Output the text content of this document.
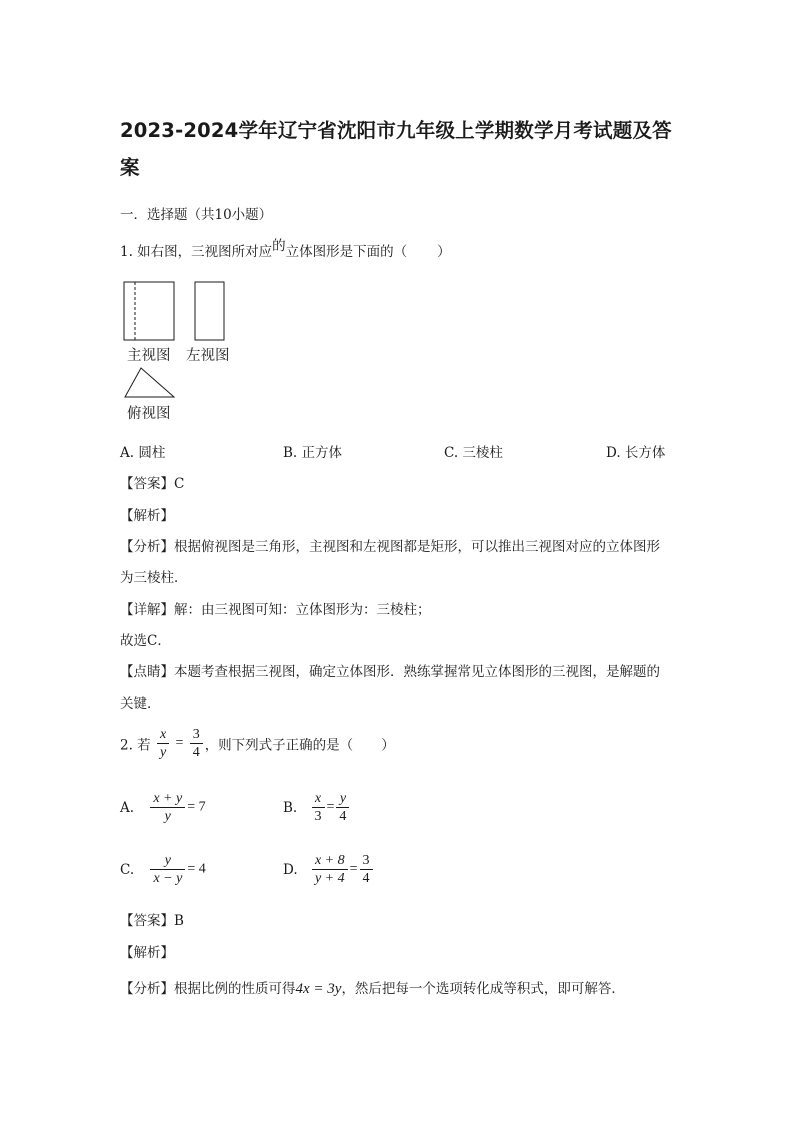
2023-2024学年辽宁省沈阳市九年级上学期数学月考试题及答案
一．选择题（共10小题）
1. 如右图，三视图所对应的立体图形是下面的（ ）
主视图 左视图
俯视图
A. 圆柱	B. 正方体	C. 三棱柱	D. 长方体
【答案】C
【解析】
【分析】根据俯视图是三角形，主视图和左视图都是矩形，可以推出三视图对应的立体图形
为三棱柱．
【详解】解：由三视图可知：立体图形为：三棱柱；
故选C．
【点睛】本题考查根据三视图，确定立体图形．熟练掌握常见立体图形的三视图，是解题的
关键．
2. 若 $\frac{x}{y} = \frac{3}{4}$ ，则下列式子正确的是（ ）
A. $\frac{x + y}{y} = 7$	B. $\frac{x}{3} = \frac{y}{4}$
C. $\frac{y}{x - y} = 4$	D. $\frac{x + 8}{y + 4} = \frac{3}{4}$
【答案】B
【解析】
【分析】根据比例的性质可得4x = 3y，然后把每一个选项转化成等积式，即可解答．
